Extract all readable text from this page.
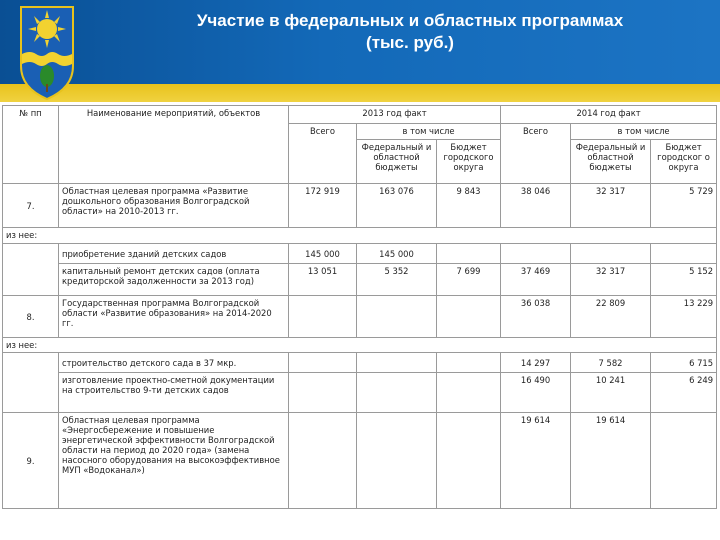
Участие в федеральных и областных программах
(тыс. руб.)
№ пп	Наименование мероприятий, объектов	2013 год факт			2014 год факт		
		Всего	в том числе		Всего	в том числе	
			Федеральный и областной бюджеты	Бюджет городского округа		Федеральный и областной бюджеты	Бюджет городског о округа
7.	Областная целевая программа «Развитие дошкольного образования Волгоградской области» на 2010-2013 гг.	172 919	163 076	9 843	38 046	32 317	5 729
из нее:							
	приобретение зданий детских садов	145 000	145 000				
	капитальный ремонт детских садов (оплата кредиторской задолженности за 2013 год)	13 051	5 352	7 699	37 469	32 317	5 152
8.	Государственная программа Волгоградской области «Развитие образования» на 2014-2020 гг.				36 038	22 809	13 229
из нее:							
	строительство детского сада в 37 мкр.				14 297	7 582	6 715
	изготовление проектно-сметной документации на строительство 9-ти детских садов				16 490	10 241	6 249
9.	Областная целевая программа «Энергосбережение и повышение энергетической эффективности Волгоградской области на период до 2020 года» (замена насосного оборудования на высокоэффективное МУП «Водоканал»)				19 614	19 614	
